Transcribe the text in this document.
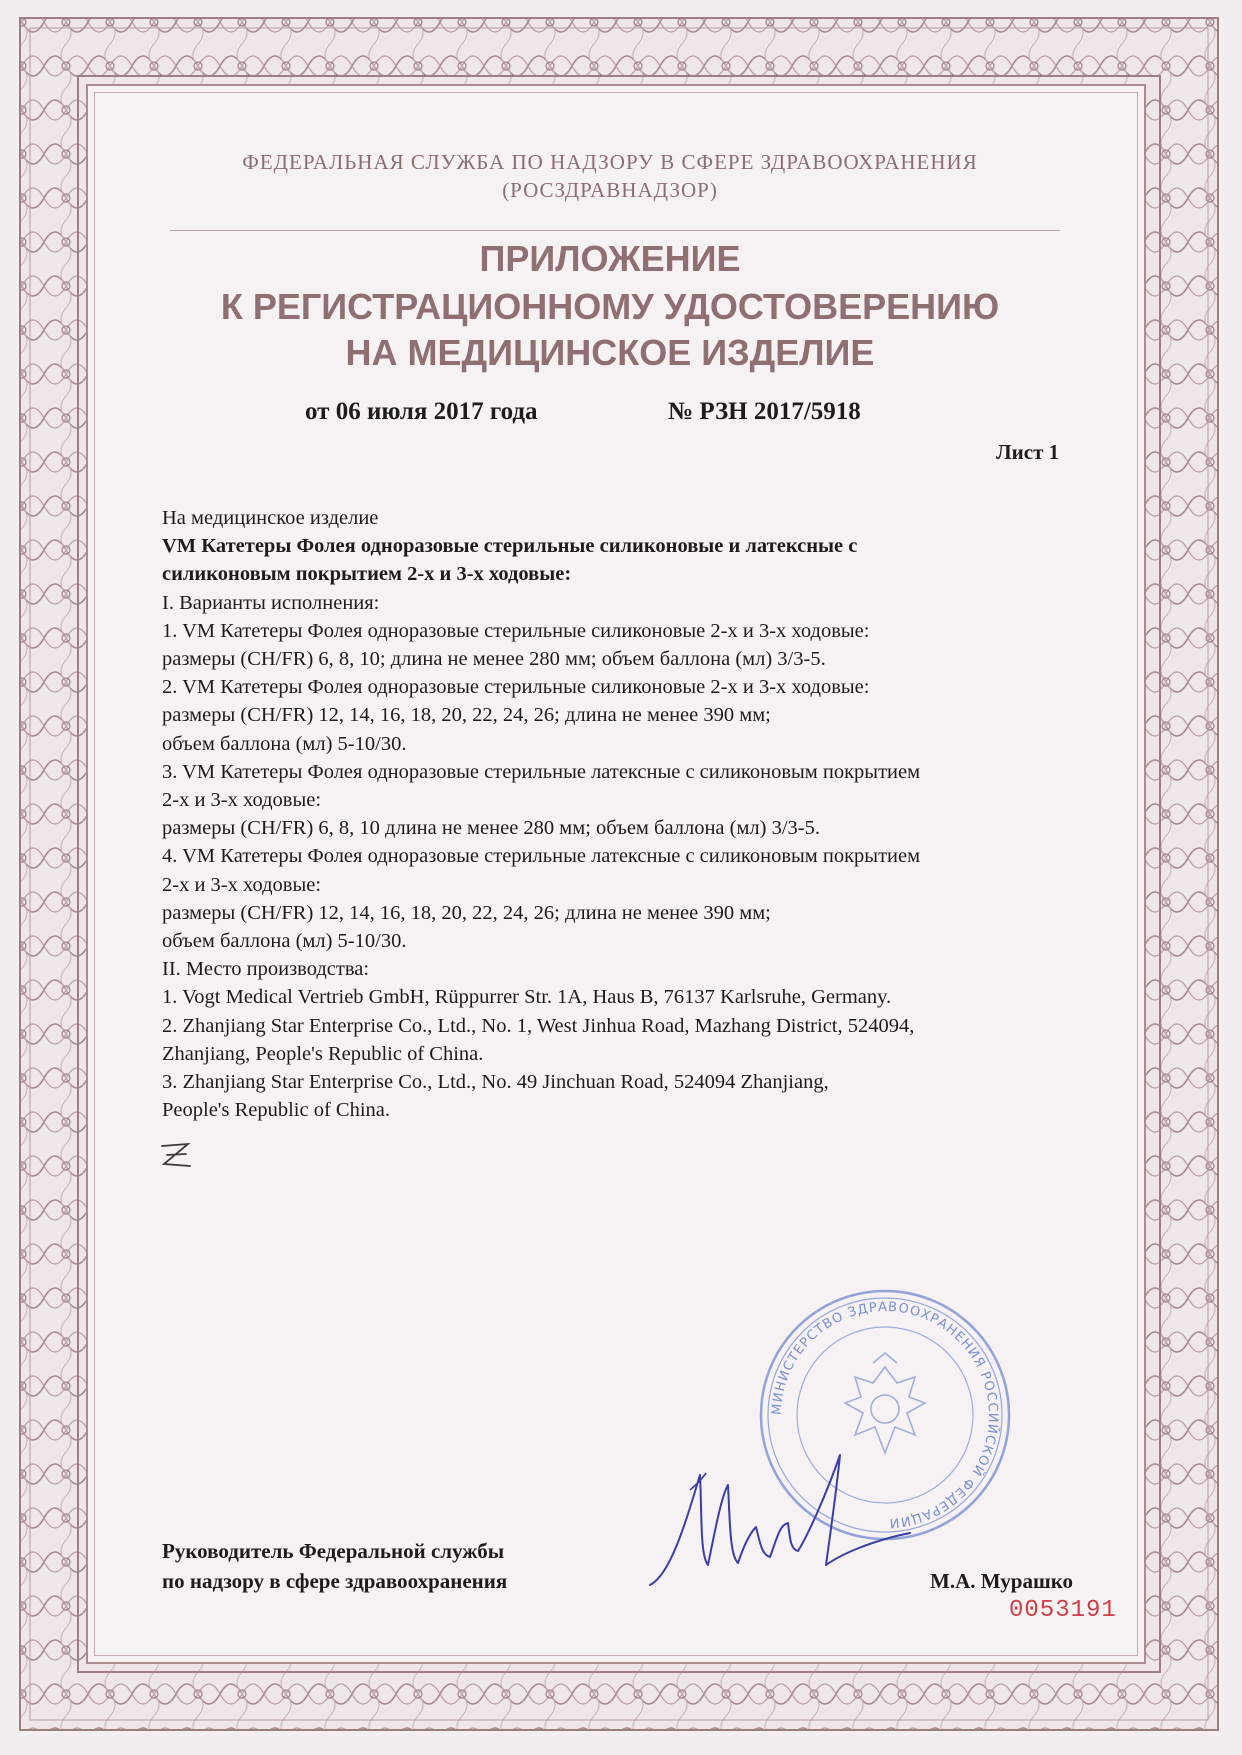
ФЕДЕРАЛЬНАЯ СЛУЖБА ПО НАДЗОРУ В СФЕРЕ ЗДРАВООХРАНЕНИЯ
(РОСЗДРАВНАДЗОР)
ПРИЛОЖЕНИЕ
К РЕГИСТРАЦИОННОМУ УДОСТОВЕРЕНИЮ
НА МЕДИЦИНСКОЕ ИЗДЕЛИЕ
от 06 июля 2017 года	№ РЗН 2017/5918
Лист 1
На медицинское изделие
VM Катетеры Фолея одноразовые стерильные силиконовые и латексные с
силиконовым покрытием 2-х и 3-х ходовые:
I. Варианты исполнения:
1. VM Катетеры Фолея одноразовые стерильные силиконовые 2-х и 3-х ходовые:
размеры (CH/FR) 6, 8, 10; длина не менее 280 мм; объем баллона (мл) 3/3-5.
2. VM Катетеры Фолея одноразовые стерильные силиконовые 2-х и 3-х ходовые:
размеры (CH/FR) 12, 14, 16, 18, 20, 22, 24, 26; длина не менее 390 мм;
объем баллона (мл) 5-10/30.
3. VM Катетеры Фолея одноразовые стерильные латексные с силиконовым покрытием
2-х и 3-х ходовые:
размеры (CH/FR) 6, 8, 10 длина не менее 280 мм; объем баллона (мл) 3/3-5.
4. VM Катетеры Фолея одноразовые стерильные латексные с силиконовым покрытием
2-х и 3-х ходовые:
размеры (CH/FR) 12, 14, 16, 18, 20, 22, 24, 26; длина не менее 390 мм;
объем баллона (мл) 5-10/30.
II. Место производства:
1. Vogt Medical Vertrieb GmbH, Rüppurrer Str. 1A, Haus B, 76137 Karlsruhe, Germany.
2. Zhanjiang Star Enterprise Co., Ltd., No. 1, West Jinhua Road, Mazhang District, 524094,
Zhanjiang, People's Republic of China.
3. Zhanjiang Star Enterprise Co., Ltd., No. 49 Jinchuan Road, 524094 Zhanjiang,
People's Republic of China.
МИНИСТЕРСТВО ЗДРАВООХРАНЕНИЯ РОССИЙСКОЙ ФЕДЕРАЦИИ
Руководитель Федеральной службы
по надзору в сфере здравоохранения	М.А. Мурашко
0053191
